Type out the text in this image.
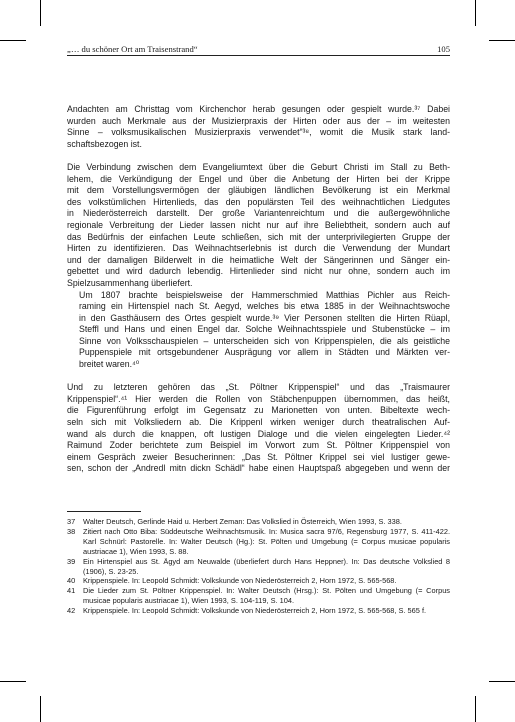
„… du schöner Ort am Traisenstrand“	105
Andachten am Christtag vom Kirchenchor herab gesungen oder gespielt wurde.³⁷ Dabei
wurden auch Merkmale aus der Musizierpraxis der Hirten oder aus der – im weitesten
Sinne – volksmusikalischen Musizierpraxis verwendet“³⁸, womit die Musik stark land-
schaftsbezogen ist.
Die Verbindung zwischen dem Evangeliumtext über die Geburt Christi im Stall zu Beth-
lehem, die Verkündigung der Engel und über die Anbetung der Hirten bei der Krippe
mit dem Vorstellungsvermögen der gläubigen ländlichen Bevölkerung ist ein Merkmal
des volkstümlichen Hirtenlieds, das den populärsten Teil des weihnachtlichen Liedgutes
in Niederösterreich darstellt. Der große Variantenreichtum und die außergewöhnliche
regionale Verbreitung der Lieder lassen nicht nur auf ihre Beliebtheit, sondern auch auf
das Bedürfnis der einfachen Leute schließen, sich mit der unterprivilegierten Gruppe der
Hirten zu identifizieren. Das Weihnachtserlebnis ist durch die Verwendung der Mundart
und der damaligen Bilderwelt in die heimatliche Welt der Sängerinnen und Sänger ein-
gebettet und wird dadurch lebendig. Hirtenlieder sind nicht nur ohne, sondern auch im
Spielzusammenhang überliefert.
Um 1807 brachte beispielsweise der Hammerschmied Matthias Pichler aus Reich-
raming ein Hirtenspiel nach St. Aegyd, welches bis etwa 1885 in der Weihnachtswoche
in den Gasthäusern des Ortes gespielt wurde.³⁹ Vier Personen stellten die Hirten Rüapl,
Steffl und Hans und einen Engel dar. Solche Weihnachtsspiele und Stubenstücke – im
Sinne von Volksschauspielen – unterscheiden sich von Krippenspielen, die als geistliche
Puppenspiele mit ortsgebundener Ausprägung vor allem in Städten und Märkten ver-
breitet waren.⁴⁰
Und zu letzteren gehören das „St. Pöltner Krippenspiel“ und das „Traismaurer
Krippenspiel“.⁴¹ Hier werden die Rollen von Stäbchenpuppen übernommen, das heißt,
die Figurenführung erfolgt im Gegensatz zu Marionetten von unten. Bibeltexte wech-
seln sich mit Volksliedern ab. Die Krippenl wirken weniger durch theatralischen Auf-
wand als durch die knappen, oft lustigen Dialoge und die vielen eingelegten Lieder.⁴²
Raimund Zoder berichtete zum Beispiel im Vorwort zum St. Pöltner Krippenspiel von
einem Gespräch zweier Besucherinnen: „Das St. Pöltner Krippel sei viel lustiger gewe-
sen, schon der „Andredl mitn dickn Schädl“ habe einen Hauptspaß abgegeben und wenn der
37	Walter Deutsch, Gerlinde Haid u. Herbert Zeman: Das Volkslied in Österreich, Wien 1993, S. 338.
38	Zitiert nach Otto Biba: Süddeutsche Weihnachtsmusik. In: Musica sacra 97/6, Regensburg 1977, S. 411-422. Karl Schnürl: Pastorelle. In: Walter Deutsch (Hg.): St. Pölten und Umgebung (= Corpus musicae popularis austriacae 1), Wien 1993, S. 88.
39	Ein Hirtenspiel aus St. Ägyd am Neuwalde (überliefert durch Hans Heppner). In: Das deutsche Volkslied 8 (1906), S. 23-25.
40	Krippenspiele. In: Leopold Schmidt: Volkskunde von Niederösterreich 2, Horn 1972, S. 565-568.
41	Die Lieder zum St. Pöltner Krippenspiel. In: Walter Deutsch (Hrsg.): St. Pölten und Umgebung (= Corpus musicae popularis austriacae 1), Wien 1993, S. 104-119, S. 104.
42	Krippenspiele. In: Leopold Schmidt: Volkskunde von Niederösterreich 2, Horn 1972, S. 565-568, S. 565 f.
